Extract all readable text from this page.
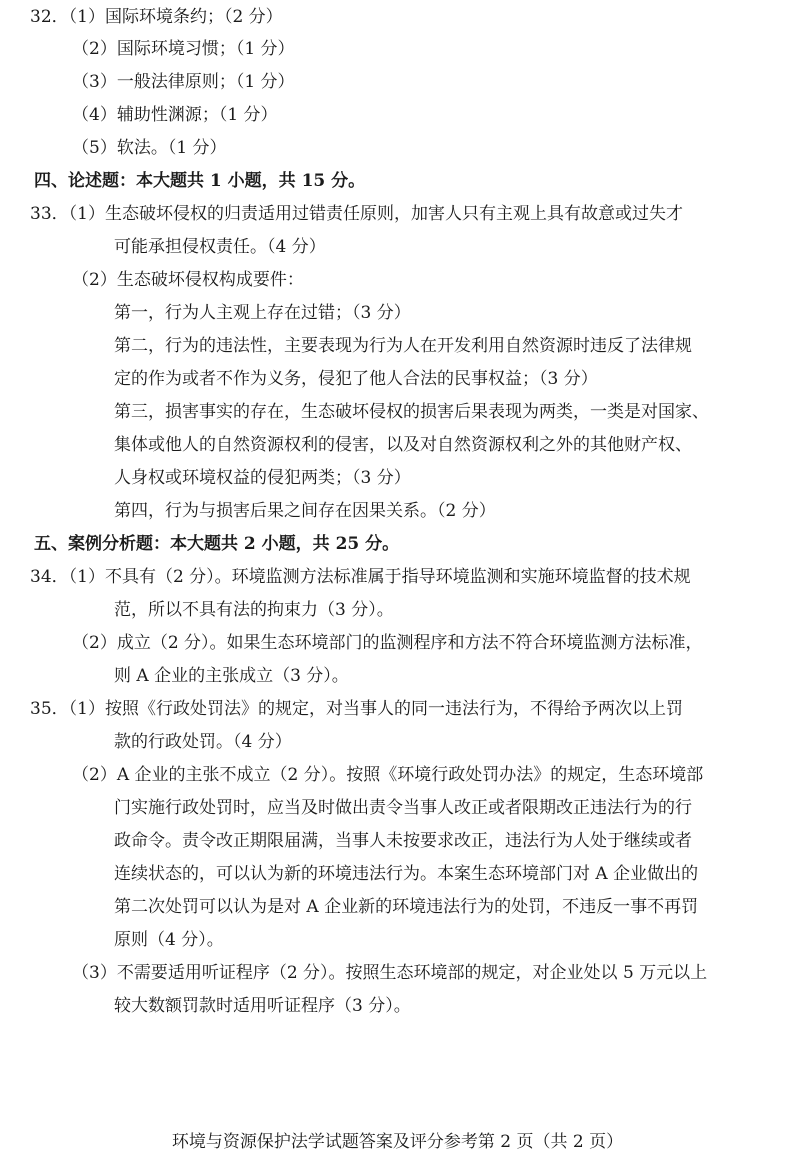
32．（1）国际环境条约；（2 分）
（2）国际环境习惯；（1 分）
（3）一般法律原则；（1 分）
（4）辅助性渊源；（1 分）
（5）软法。（1 分）
四、论述题：本大题共 1 小题，共 15 分。
33．（1）生态破坏侵权的归责适用过错责任原则，加害人只有主观上具有故意或过失才
可能承担侵权责任。（4 分）
（2）生态破坏侵权构成要件：
第一，行为人主观上存在过错；（3 分）
第二，行为的违法性，主要表现为行为人在开发利用自然资源时违反了法律规
定的作为或者不作为义务，侵犯了他人合法的民事权益；（3 分）
第三，损害事实的存在，生态破坏侵权的损害后果表现为两类，一类是对国家、
集体或他人的自然资源权利的侵害，以及对自然资源权利之外的其他财产权、
人身权或环境权益的侵犯两类；（3 分）
第四，行为与损害后果之间存在因果关系。（2 分）
五、案例分析题：本大题共 2 小题，共 25 分。
34．（1）不具有（2 分）。环境监测方法标准属于指导环境监测和实施环境监督的技术规
范，所以不具有法的拘束力（3 分）。
（2）成立（2 分）。如果生态环境部门的监测程序和方法不符合环境监测方法标准，
则 A 企业的主张成立（3 分）。
35．（1）按照《行政处罚法》的规定，对当事人的同一违法行为，不得给予两次以上罚
款的行政处罚。（4 分）
（2）A 企业的主张不成立（2 分）。按照《环境行政处罚办法》的规定，生态环境部
门实施行政处罚时，应当及时做出责令当事人改正或者限期改正违法行为的行
政命令。责令改正期限届满，当事人未按要求改正，违法行为人处于继续或者
连续状态的，可以认为新的环境违法行为。本案生态环境部门对 A 企业做出的
第二次处罚可以认为是对 A 企业新的环境违法行为的处罚，不违反一事不再罚
原则（4 分）。
（3）不需要适用听证程序（2 分）。按照生态环境部的规定，对企业处以 5 万元以上
较大数额罚款时适用听证程序（3 分）。
环境与资源保护法学试题答案及评分参考第 2 页（共 2 页）
